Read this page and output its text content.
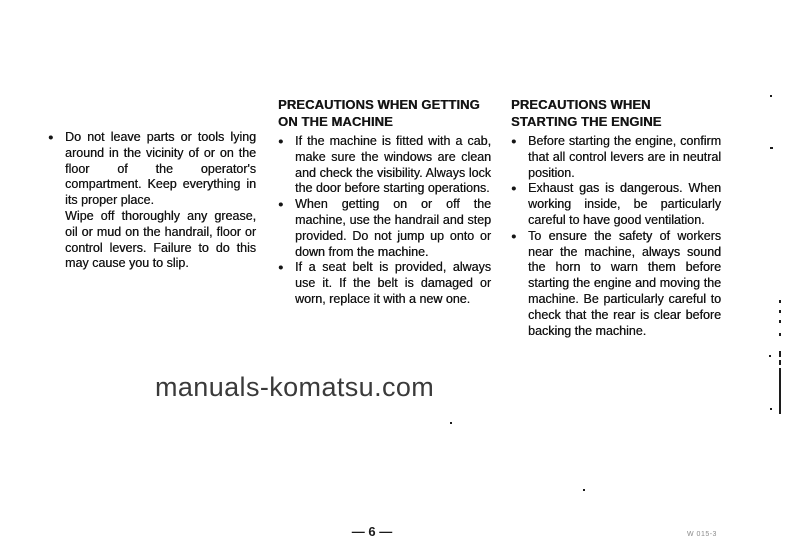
● Do not leave parts or tools lying around in the vicinity of or on the floor of the operator's compartment. Keep everything in its proper place.

Wipe off thoroughly any grease, oil or mud on the handrail, floor or control levers. Failure to do this may cause you to slip.

PRECAUTIONS WHEN GETTING
ON THE MACHINE
● If the machine is fitted with a cab, make sure the windows are clean and check the visibility. Always lock the door before starting operations.
● When getting on or off the machine, use the handrail and step provided. Do not jump up onto or down from the machine.
● If a seat belt is provided, always use it. If the belt is damaged or worn, replace it with a new one.
PRECAUTIONS WHEN
STARTING THE ENGINE
● Before starting the engine, confirm that all control levers are in neutral position.
● Exhaust gas is dangerous. When working inside, be particularly careful to have good ventilation.
● To ensure the safety of workers near the machine, always sound the horn to warn them before starting the engine and moving the machine. Be particularly careful to check that the rear is clear before backing the machine.
manuals-komatsu.com
— 6 —	W 015-3
